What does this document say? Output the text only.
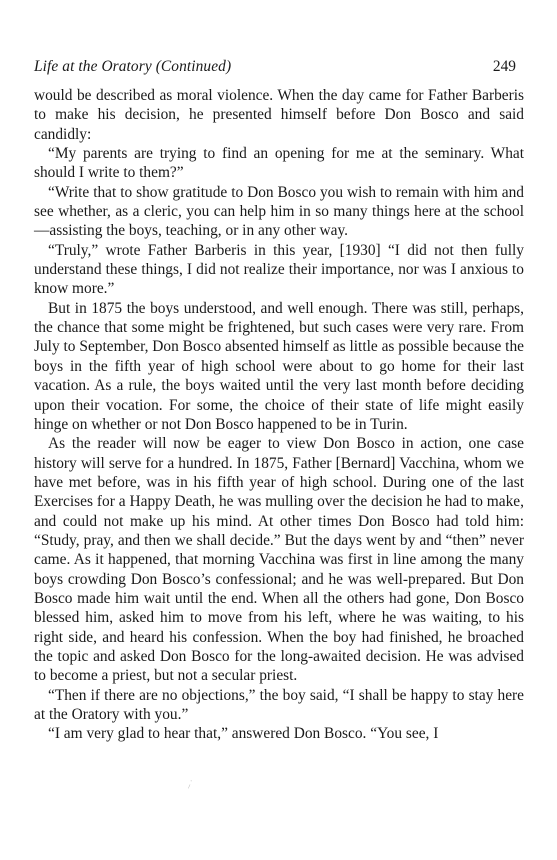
Life at the Oratory (Continued)	249

would be described as moral violence. When the day came for Father Barberis to make his decision, he presented himself before Don Bosco and said candidly:

“My parents are trying to find an opening for me at the seminary. What should I write to them?”

“Write that to show gratitude to Don Bosco you wish to remain with him and see whether, as a cleric, you can help him in so many things here at the school—assisting the boys, teaching, or in any other way.

“Truly,” wrote Father Barberis in this year, [1930] “I did not then fully understand these things, I did not realize their importance, nor was I anxious to know more.”

But in 1875 the boys understood, and well enough. There was still, perhaps, the chance that some might be frightened, but such cases were very rare. From July to September, Don Bosco absented himself as little as possible because the boys in the fifth year of high school were about to go home for their last vacation. As a rule, the boys waited until the very last month before deciding upon their vocation. For some, the choice of their state of life might easily hinge on whether or not Don Bosco happened to be in Turin.

As the reader will now be eager to view Don Bosco in action, one case history will serve for a hundred. In 1875, Father [Bernard] Vacchina, whom we have met before, was in his fifth year of high school. During one of the last Exercises for a Happy Death, he was mulling over the decision he had to make, and could not make up his mind. At other times Don Bosco had told him: “Study, pray, and then we shall decide.” But the days went by and “then” never came. As it happened, that morning Vacchina was first in line among the many boys crowding Don Bosco’s confessional; and he was well-prepared. But Don Bosco made him wait until the end. When all the others had gone, Don Bosco blessed him, asked him to move from his left, where he was waiting, to his right side, and heard his confession. When the boy had finished, he broached the topic and asked Don Bosco for the long-awaited decision. He was advised to become a priest, but not a secular priest.

“Then if there are no objections,” the boy said, “I shall be happy to stay here at the Oratory with you.”

“I am very glad to hear that,” answered Don Bosco. “You see, I

⸝˙
